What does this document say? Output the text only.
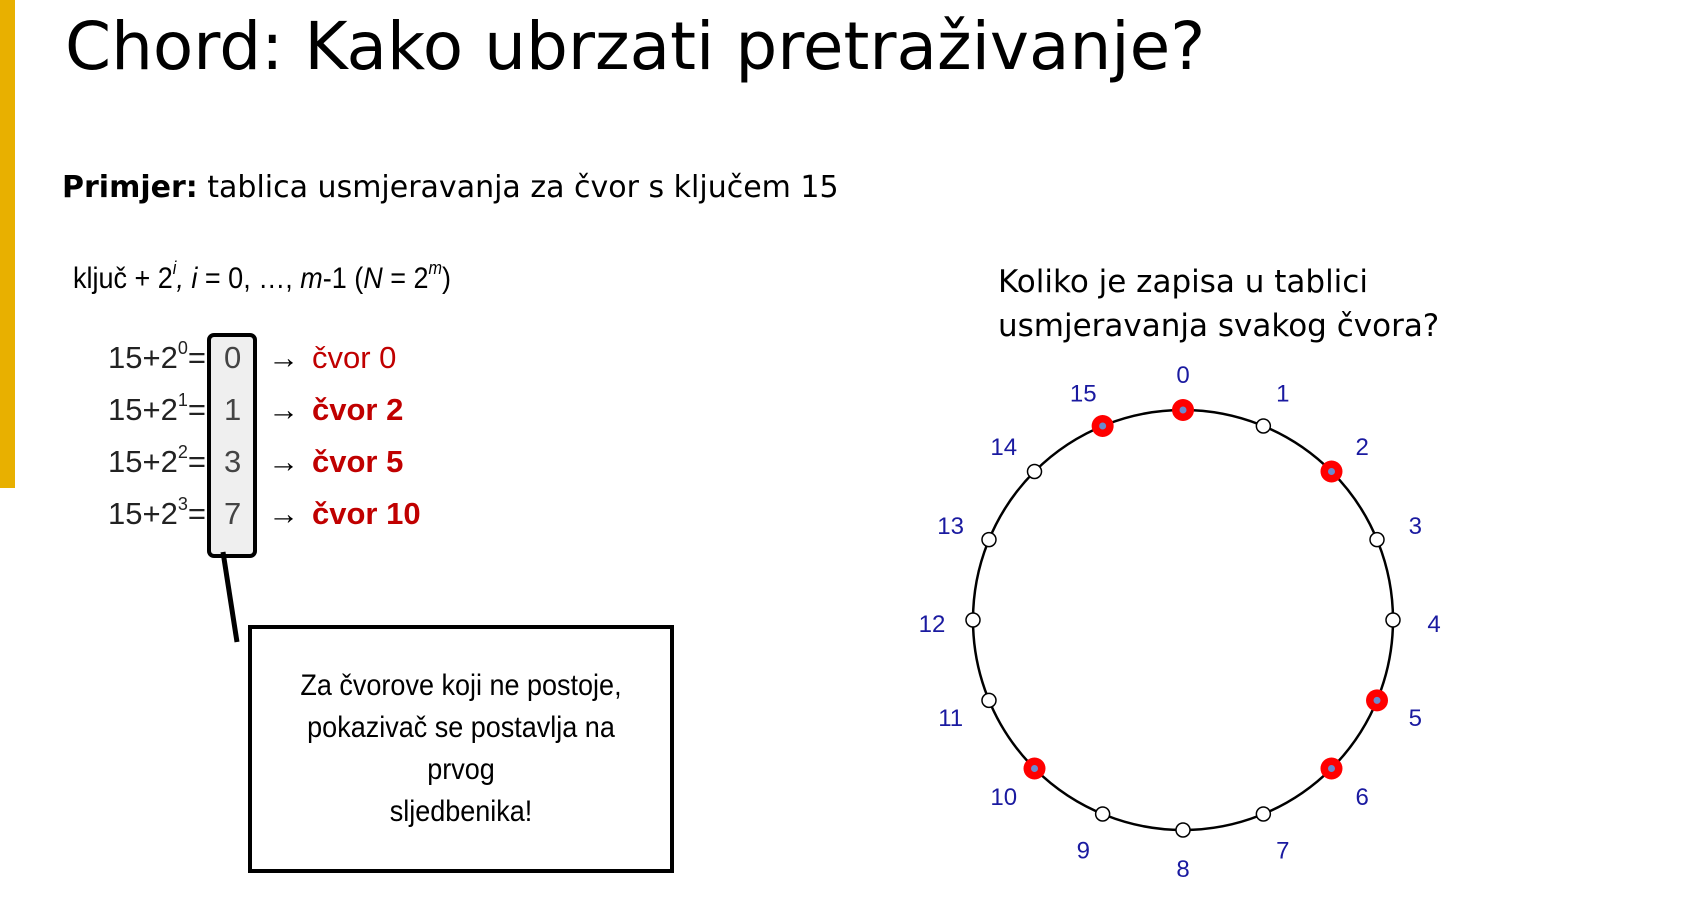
Chord: Kako ubrzati pretraživanje?
Primjer: tablica usmjeravanja za čvor s ključem 15
ključ + $2^i$, i = 0, …, m-1 $(N = 2^m)$	Koliko je zapisa u tablici
usmjeravanja svakog čvora?
$15+2^0= 0$ → čvor 0
$15+2^1= 1$ → čvor 2
$15+2^2= 3$ → čvor 5
$15+2^3= 7$ → čvor 10
0
1
2
3
4
5
6
7
8
9
10
11
12
13
14
15
Za čvorove koji ne postoje,
pokazivač se postavlja na prvog
sljedbenika!
